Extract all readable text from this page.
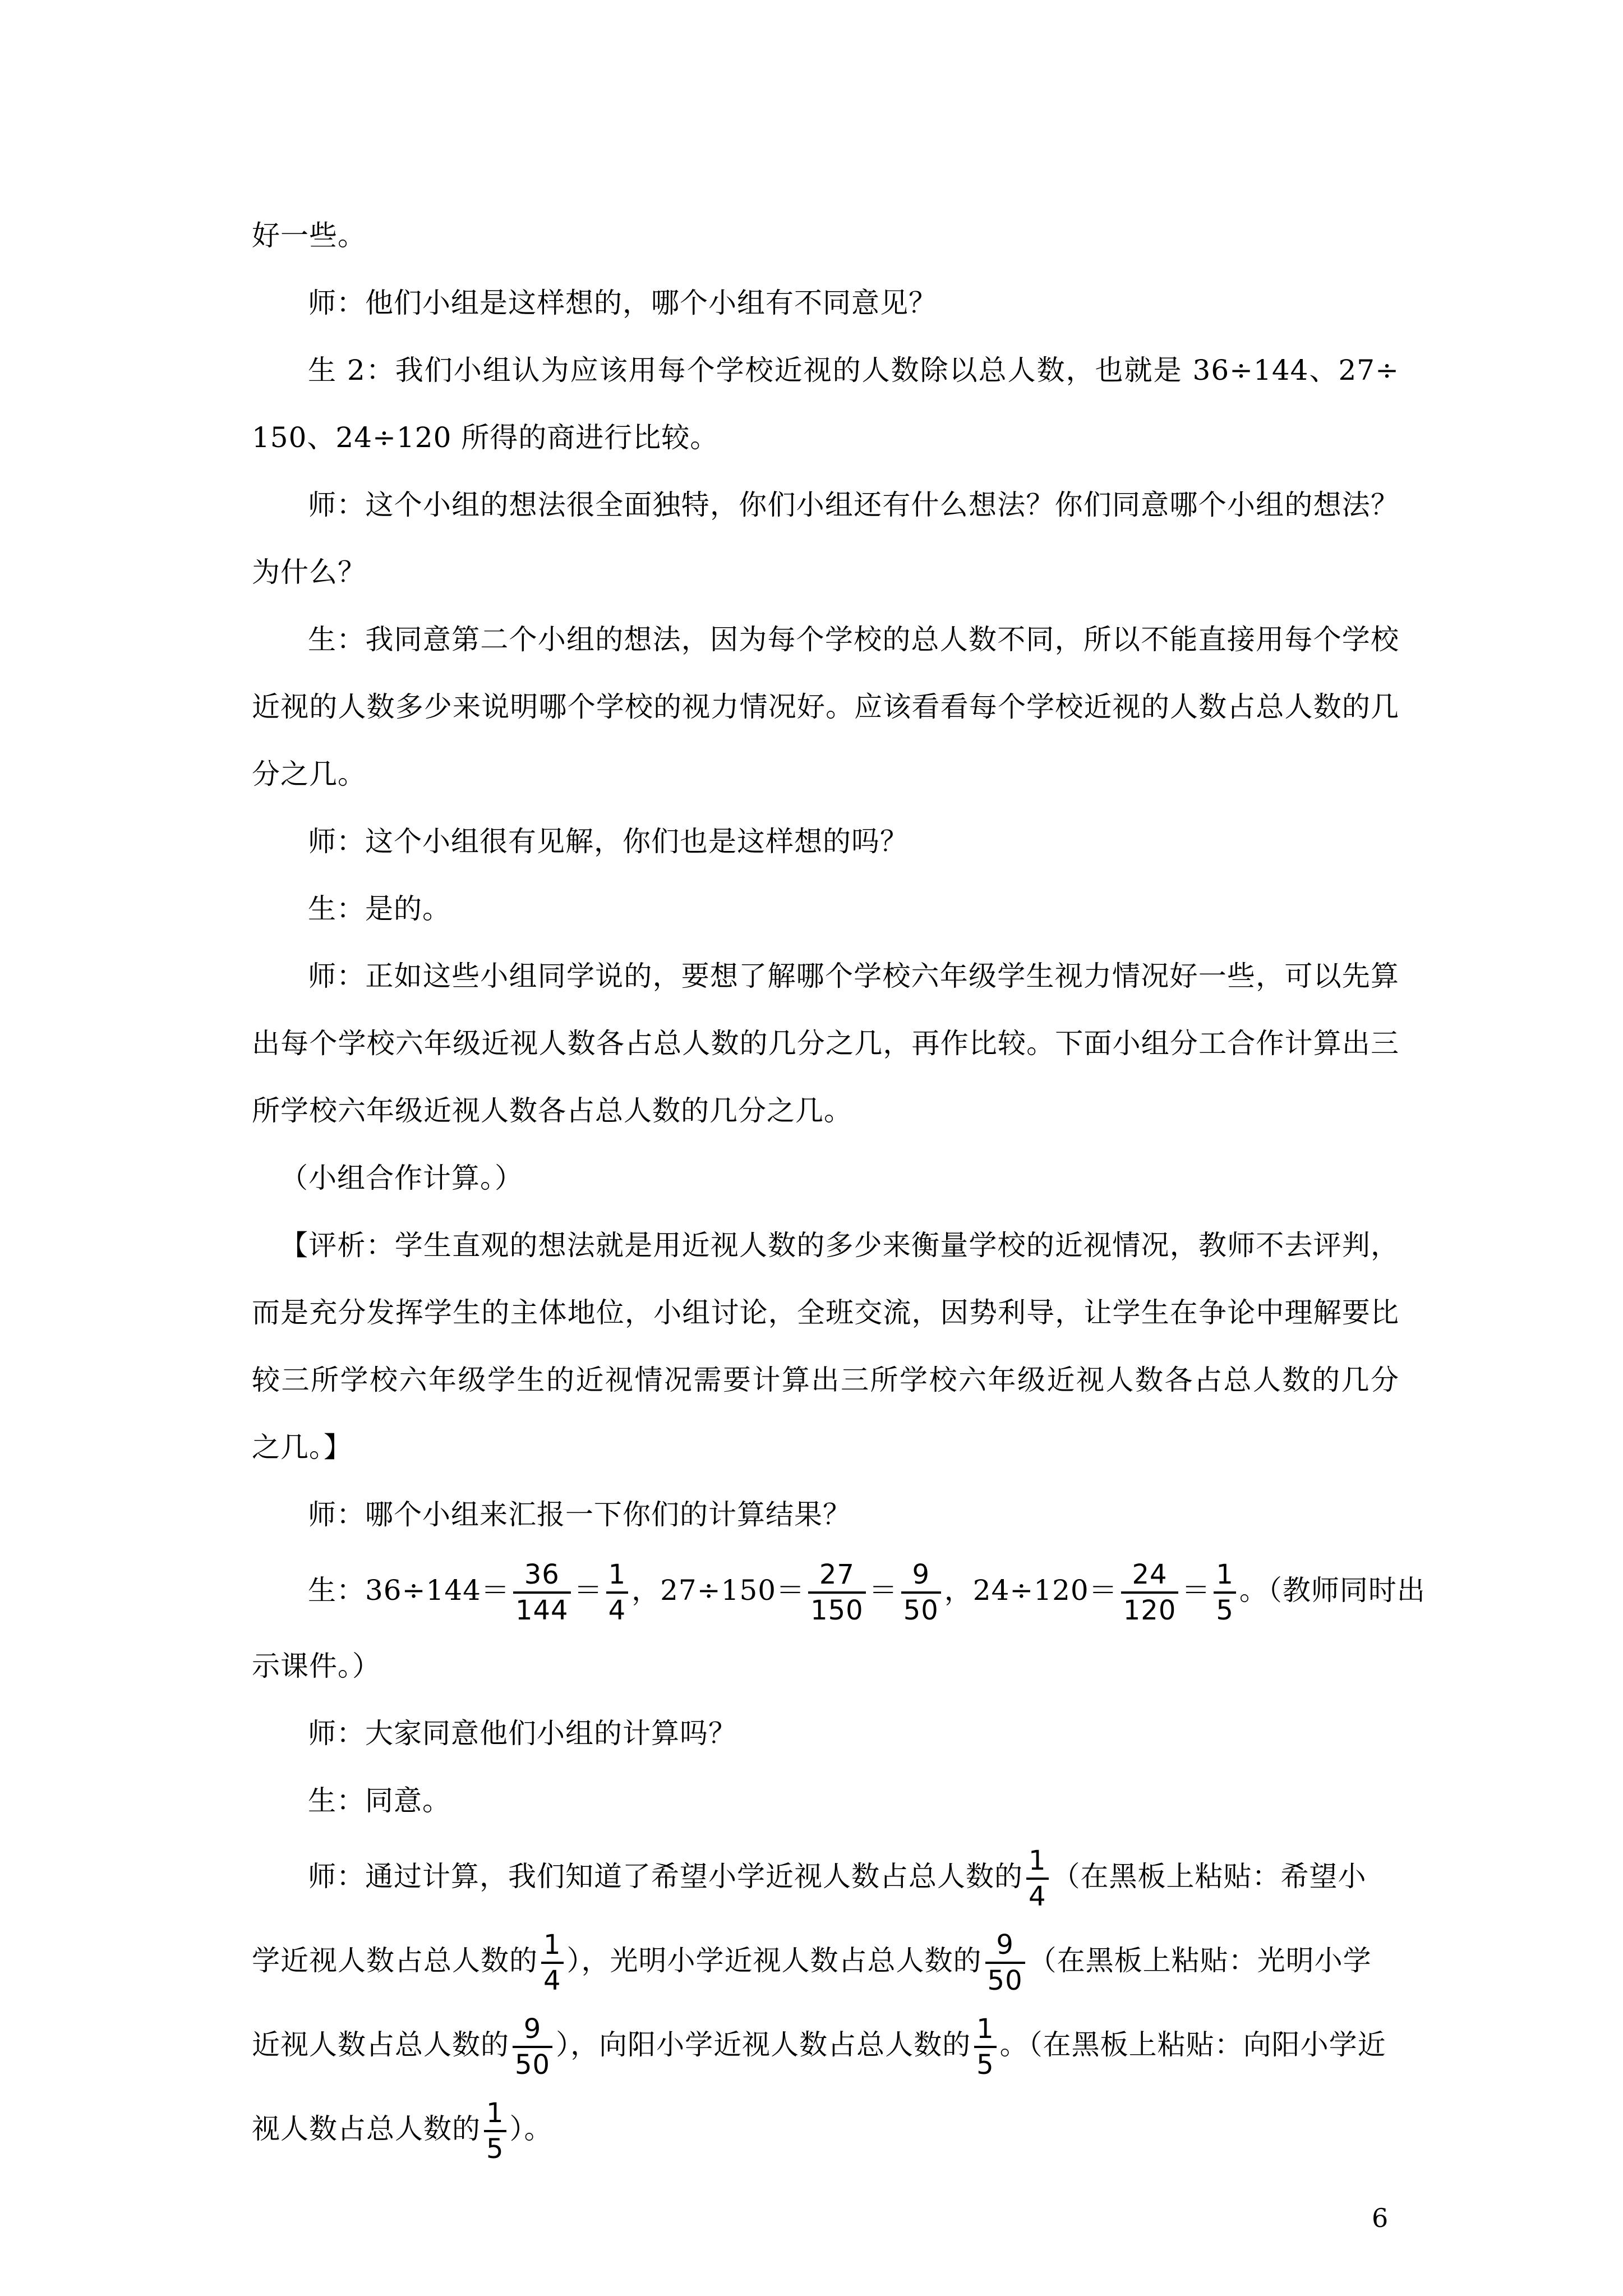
好一些。
师：他们小组是这样想的，哪个小组有不同意见？
生 2：我们小组认为应该用每个学校近视的人数除以总人数，也就是 36÷144、27÷
150、24÷120 所得的商进行比较。
师：这个小组的想法很全面独特，你们小组还有什么想法？你们同意哪个小组的想法？
为什么？
生：我同意第二个小组的想法，因为每个学校的总人数不同，所以不能直接用每个学校
近视的人数多少来说明哪个学校的视力情况好。应该看看每个学校近视的人数占总人数的几
分之几。
师：这个小组很有见解，你们也是这样想的吗？
生：是的。
师：正如这些小组同学说的，要想了解哪个学校六年级学生视力情况好一些，可以先算
出每个学校六年级近视人数各占总人数的几分之几，再作比较。下面小组分工合作计算出三
所学校六年级近视人数各占总人数的几分之几。
（小组合作计算。）
【评析：学生直观的想法就是用近视人数的多少来衡量学校的近视情况，教师不去评判，
而是充分发挥学生的主体地位，小组讨论，全班交流，因势利导，让学生在争论中理解要比
较三所学校六年级学生的近视情况需要计算出三所学校六年级近视人数各占总人数的几分
之几。】
师：哪个小组来汇报一下你们的计算结果？
生：$36\div 144= \frac{36}{144} = \frac{1}{4}$ ，$27\div 150= \frac{27}{150} = \frac{9}{50}$ ，$24\div 120= \frac{24}{120} = \frac{1}{5}$ 。（教师同时出
示课件。）
师：大家同意他们小组的计算吗？
生：同意。
师：通过计算，我们知道了希望小学近视人数占总人数的 $\frac{1}{4}$ （在黑板上粘贴：希望小
学近视人数占总人数的 $\frac{1}{4}$ ），光明小学近视人数占总人数的 $\frac{9}{50}$ （在黑板上粘贴：光明小学
近视人数占总人数的 $\frac{9}{50}$ ），向阳小学近视人数占总人数的 $\frac{1}{5}$ 。（在黑板上粘贴：向阳小学近
视人数占总人数的 $\frac{1}{5}$ ）。
6
